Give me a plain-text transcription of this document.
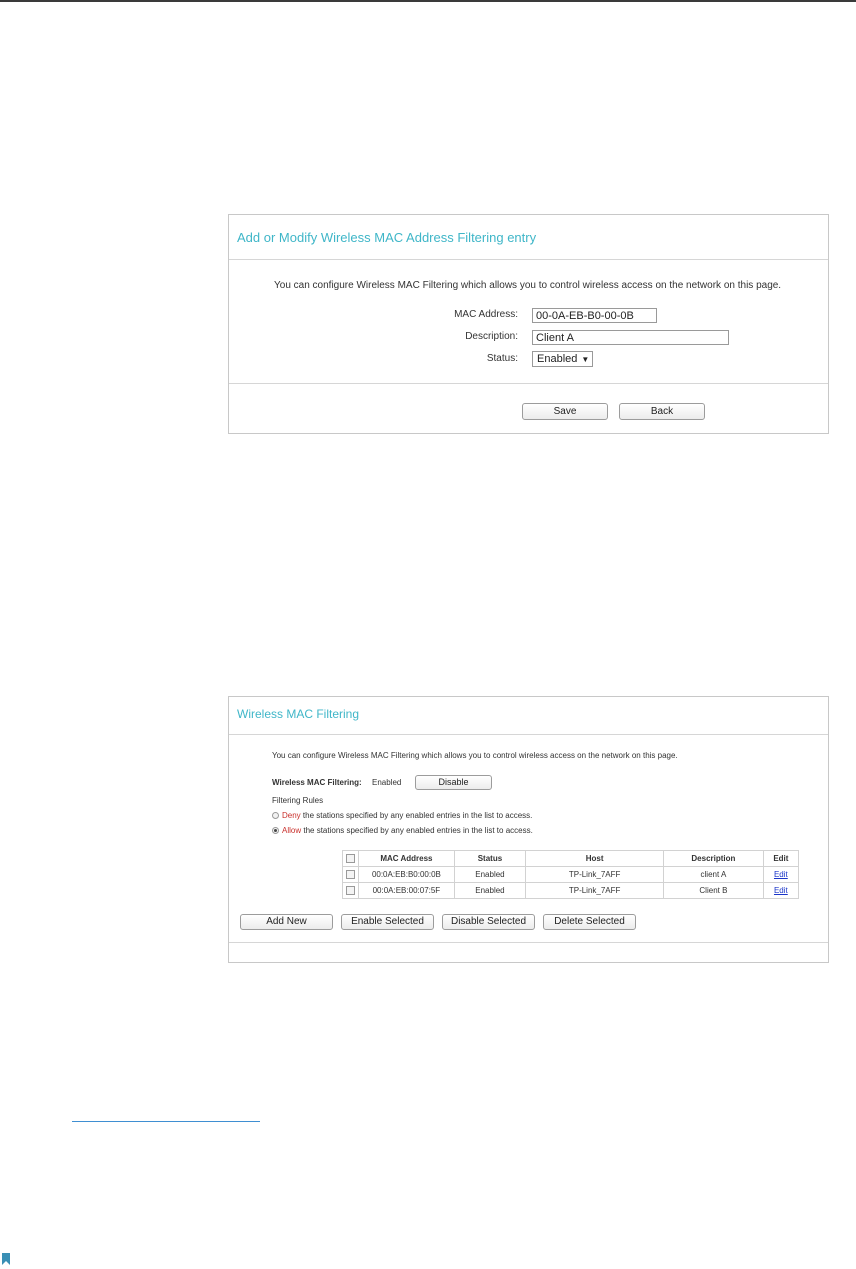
Add or Modify Wireless MAC Address Filtering entry
You can configure Wireless MAC Filtering which allows you to control wireless access on the network on this page.
MAC Address:
00-0A-EB-B0-00-0B
Description:
Client A
Status:	Enabled ▼
Save	Back
Wireless MAC Filtering
You can configure Wireless MAC Filtering which allows you to control wireless access on the network on this page.
Wireless MAC Filtering: Enabled	Disable
Filtering Rules
Deny the stations specified by any enabled entries in the list to access.
Allow the stations specified by any enabled entries in the list to access.
	MAC Address	Status	Host	Description	Edit
	00:0A:EB:B0:00:0B	Enabled	TP-Link_7AFF	client A	Edit
	00:0A:EB:00:07:5F	Enabled	TP-Link_7AFF	Client B	Edit
Add New	Enable Selected	Disable Selected	Delete Selected
